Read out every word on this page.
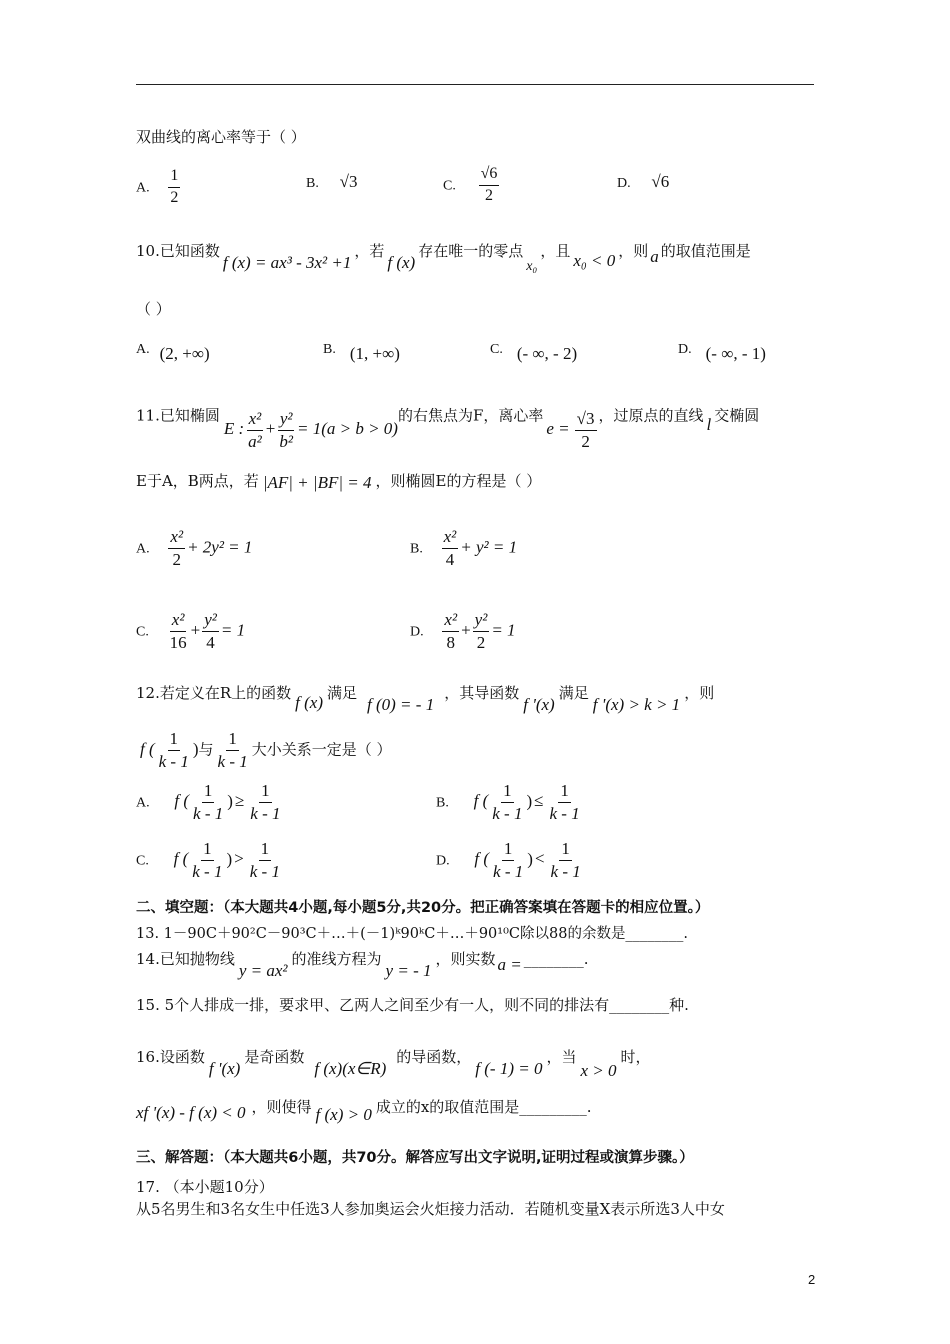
双曲线的离心率等于（ ）
A. $\frac{1}{2}$	B. √3	C. $\frac{√6}{2}$	D. √6
10.已知函数f (x) = ax³ - 3x² +1，若f (x)存在唯一的零点x₀，且 x₀ < 0 ，则 a 的取值范围是
（ ）
A. (2, +∞)	B. (1, +∞)	C. (- ∞, - 2)	D. (- ∞, - 1)
11.已知椭圆E : $\frac{\text{x²}}{\text{a²}} + \frac{\text{y²}}{\text{b²}} = 1(a > b > 0)$的右焦点为F，离心率$e = \frac{√3}{2}$ ，过原点的直线 l 交椭圆
E于A，B两点，若 |AF| + |BF| = 4 ，则椭圆E的方程是（ ）
A. $\frac{\text{x²}}{2} + 2y^2 = 1$	B. $\frac{\text{x²}}{4} + y^2 = 1$
C. $\frac{\text{x²}}{16} + \frac{\text{y²}}{4} = 1$	D. $\frac{\text{x²}}{8} + \frac{\text{y²}}{2} = 1$
12.若定义在R上的函数 f (x) 满足f (0) = - 1，其导函数f '(x)满足f '(x) > k > 1，则
f ( $\frac{1}{k - 1}$ )与 $\frac{1}{k - 1}$ 大小关系一定是（ ）
A. f ( $\frac{1}{k - 1}$ ) ≥ $\frac{1}{k - 1}$	B. f ( $\frac{1}{k - 1}$ ) ≤ $\frac{1}{k - 1}$
C. f ( $\frac{1}{k - 1}$ ) > $\frac{1}{k - 1}$	D. f ( $\frac{1}{k - 1}$ ) < $\frac{1}{k - 1}$
二、填空题：（本大题共4小题,每小题5分,共20分。把正确答案填在答题卡的相应位置。）
13. 1－90C＋90²C－90³C＋…＋(－1)ᵏ90ᵏC＋…＋90¹⁰C除以88的余数是________.
14.已知抛物线y = ax²的准线方程为y = - 1，则实数 a = ________.
15. 5个人排成一排，要求甲、乙两人之间至少有一人，则不同的排法有________种.
16.设函数f '(x)是奇函数f (x)(x∈R)的导函数，f (- 1) = 0，当x > 0时，
xf '(x) - f (x) < 0 ，则使得 f (x) > 0 成立的x的取值范围是_________.
三、解答题：（本大题共6小题，共70分。解答应写出文字说明,证明过程或演算步骤。）
17. （本小题10分）
从5名男生和3名女生中任选3人参加奥运会火炬接力活动．若随机变量X表示所选3人中女
2
